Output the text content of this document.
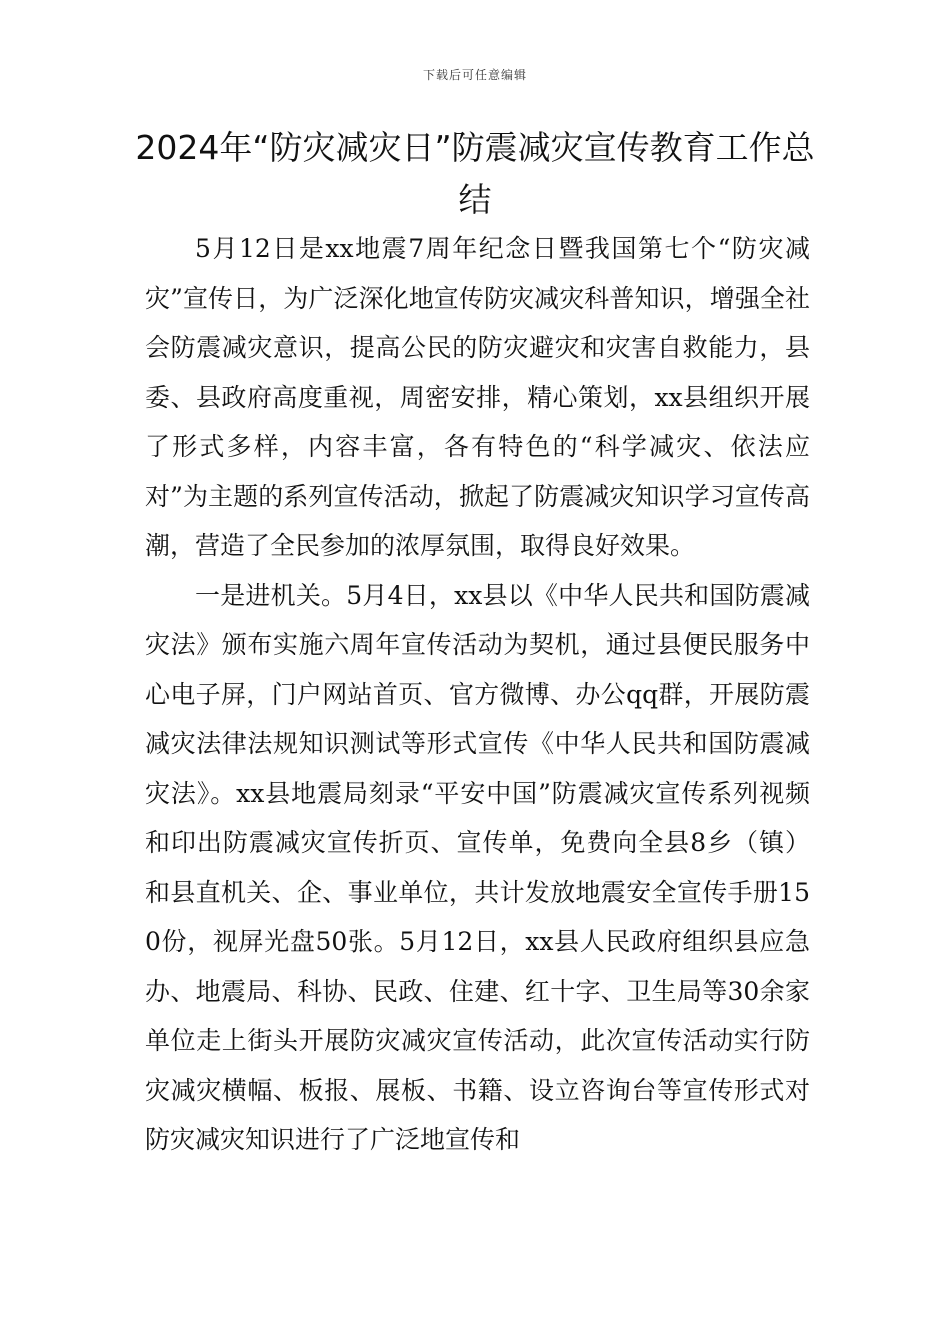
下载后可任意编辑
2024年“防灾减灾日”防震减灾宣传教育工作总结

5月12日是xx地震7周年纪念日暨我国第七个“防灾减灾”宣传日，为广泛深化地宣传防灾减灾科普知识，增强全社会防震减灾意识，提高公民的防灾避灾和灾害自救能力，县委、县政府高度重视，周密安排，精心策划，xx县组织开展了形式多样，内容丰富，各有特色的“科学减灾、依法应对”为主题的系列宣传活动，掀起了防震减灾知识学习宣传高潮，营造了全民参加的浓厚氛围，取得良好效果。

一是进机关。5月4日，xx县以《中华人民共和国防震减灾法》颁布实施六周年宣传活动为契机，通过县便民服务中心电子屏，门户网站首页、官方微博、办公qq群，开展防震减灾法律法规知识测试等形式宣传《中华人民共和国防震减灾法》。xx县地震局刻录“平安中国”防震减灾宣传系列视频和印出防震减灾宣传折页、宣传单，免费向全县8乡（镇）和县直机关、企、事业单位，共计发放地震安全宣传手册150份，视屏光盘50张。5月12日，xx县人民政府组织县应急办、地震局、科协、民政、住建、红十字、卫生局等30余家单位走上街头开展防灾减灾宣传活动，此次宣传活动实行防灾减灾横幅、板报、展板、书籍、设立咨询台等宣传形式对防灾减灾知识进行了广泛地宣传和
